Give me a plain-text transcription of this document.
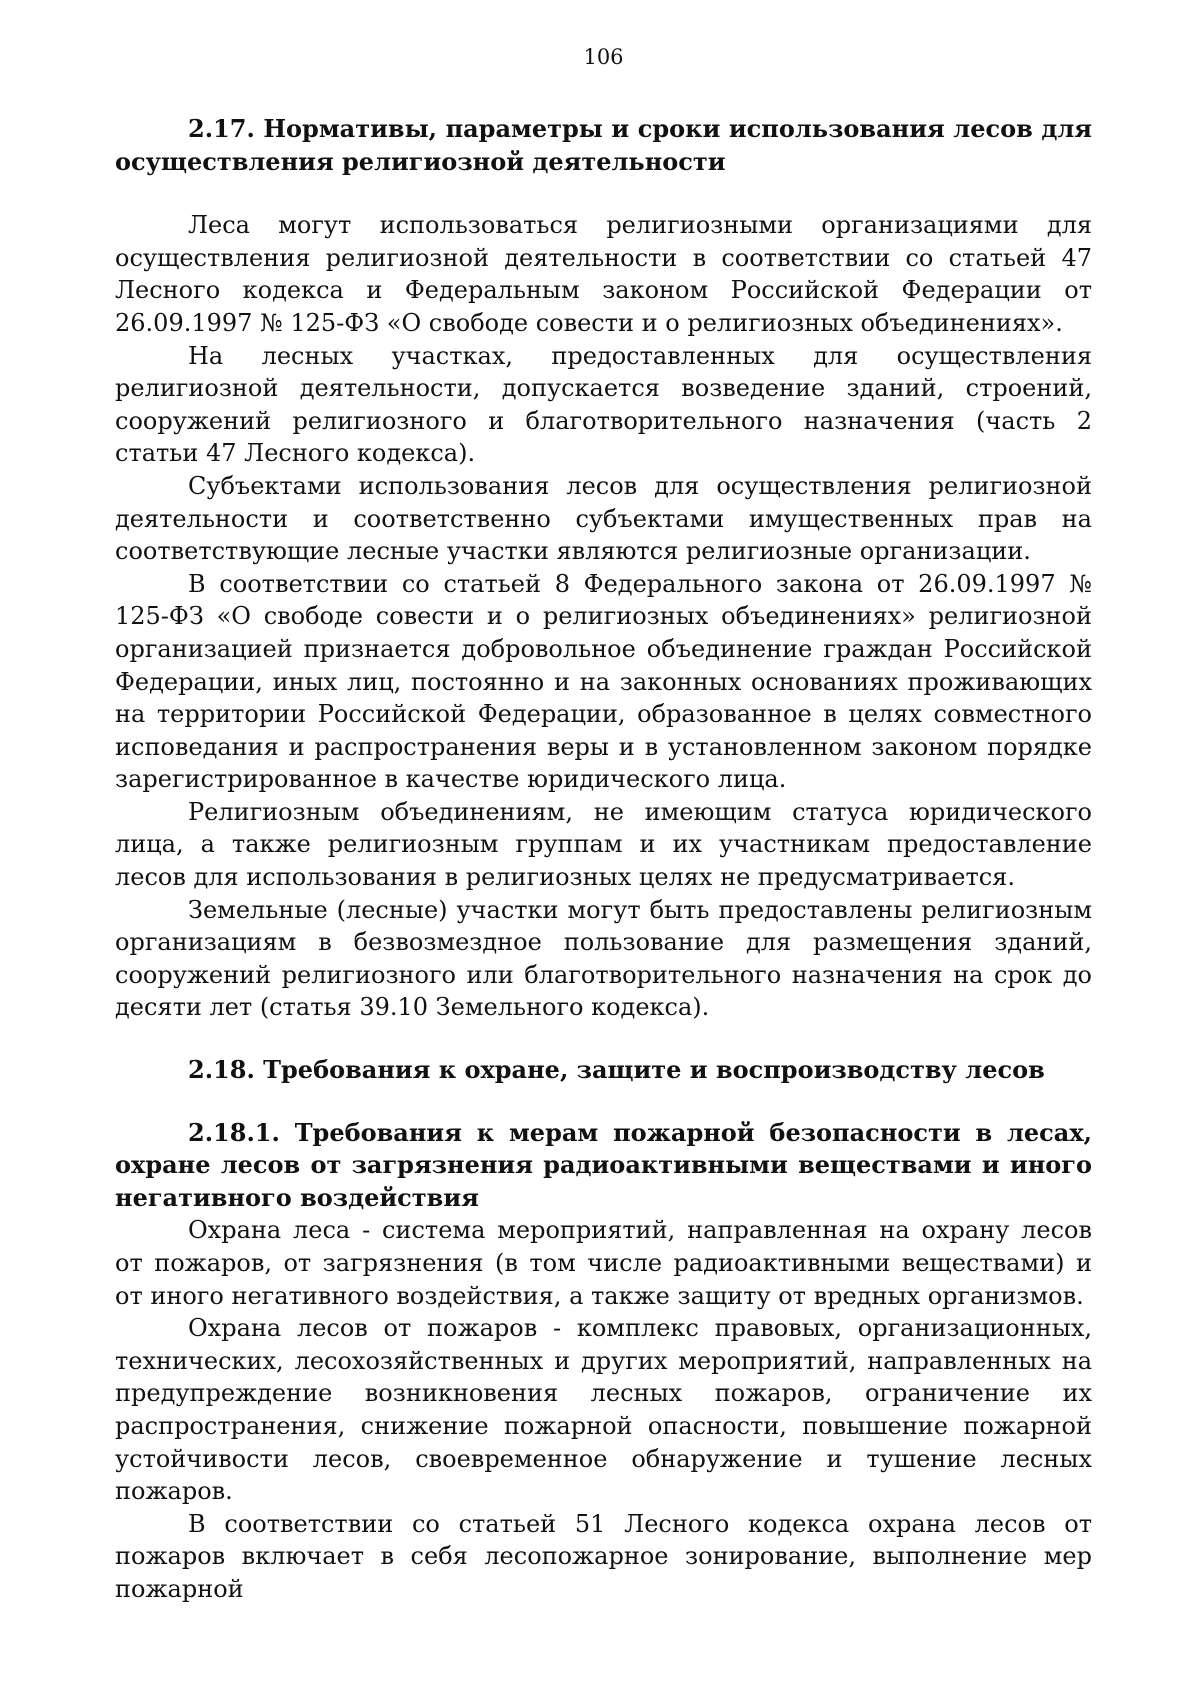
106
2.17. Нормативы, параметры и сроки использования лесов для осуществления религиозной деятельности

Леса могут использоваться религиозными организациями для осуществления религиозной деятельности в соответствии со статьей 47 Лесного кодекса и Федеральным законом Российской Федерации от 26.09.1997 № 125-ФЗ «О свободе совести и о религиозных объединениях».

На лесных участках, предоставленных для осуществления религиозной деятельности, допускается возведение зданий, строений, сооружений религиозного и благотворительного назначения (часть 2 статьи 47 Лесного кодекса).

Субъектами использования лесов для осуществления религиозной деятельности и соответственно субъектами имущественных прав на соответствующие лесные участки являются религиозные организации.

В соответствии со статьей 8 Федерального закона от 26.09.1997 № 125-ФЗ «О свободе совести и о религиозных объединениях» религиозной организацией признается добровольное объединение граждан Российской Федерации, иных лиц, постоянно и на законных основаниях проживающих на территории Российской Федерации, образованное в целях совместного исповедания и распространения веры и в установленном законом порядке зарегистрированное в качестве юридического лица.

Религиозным объединениям, не имеющим статуса юридического лица, а также религиозным группам и их участникам предоставление лесов для использования в религиозных целях не предусматривается.

Земельные (лесные) участки могут быть предоставлены религиозным организациям в безвозмездное пользование для размещения зданий, сооружений религиозного или благотворительного назначения на срок до десяти лет (статья 39.10 Земельного кодекса).

2.18. Требования к охране, защите и воспроизводству лесов
2.18.1. Требования к мерам пожарной безопасности в лесах, охране лесов от загрязнения радиоактивными веществами и иного негативного воздействия

Охрана леса - система мероприятий, направленная на охрану лесов от пожаров, от загрязнения (в том числе радиоактивными веществами) и от иного негативного воздействия, а также защиту от вредных организмов.

Охрана лесов от пожаров - комплекс правовых, организационных, технических, лесохозяйственных и других мероприятий, направленных на предупреждение возникновения лесных пожаров, ограничение их распространения, снижение пожарной опасности, повышение пожарной устойчивости лесов, своевременное обнаружение и тушение лесных пожаров.

В соответствии со статьей 51 Лесного кодекса охрана лесов от пожаров включает в себя лесопожарное зонирование, выполнение мер пожарной
